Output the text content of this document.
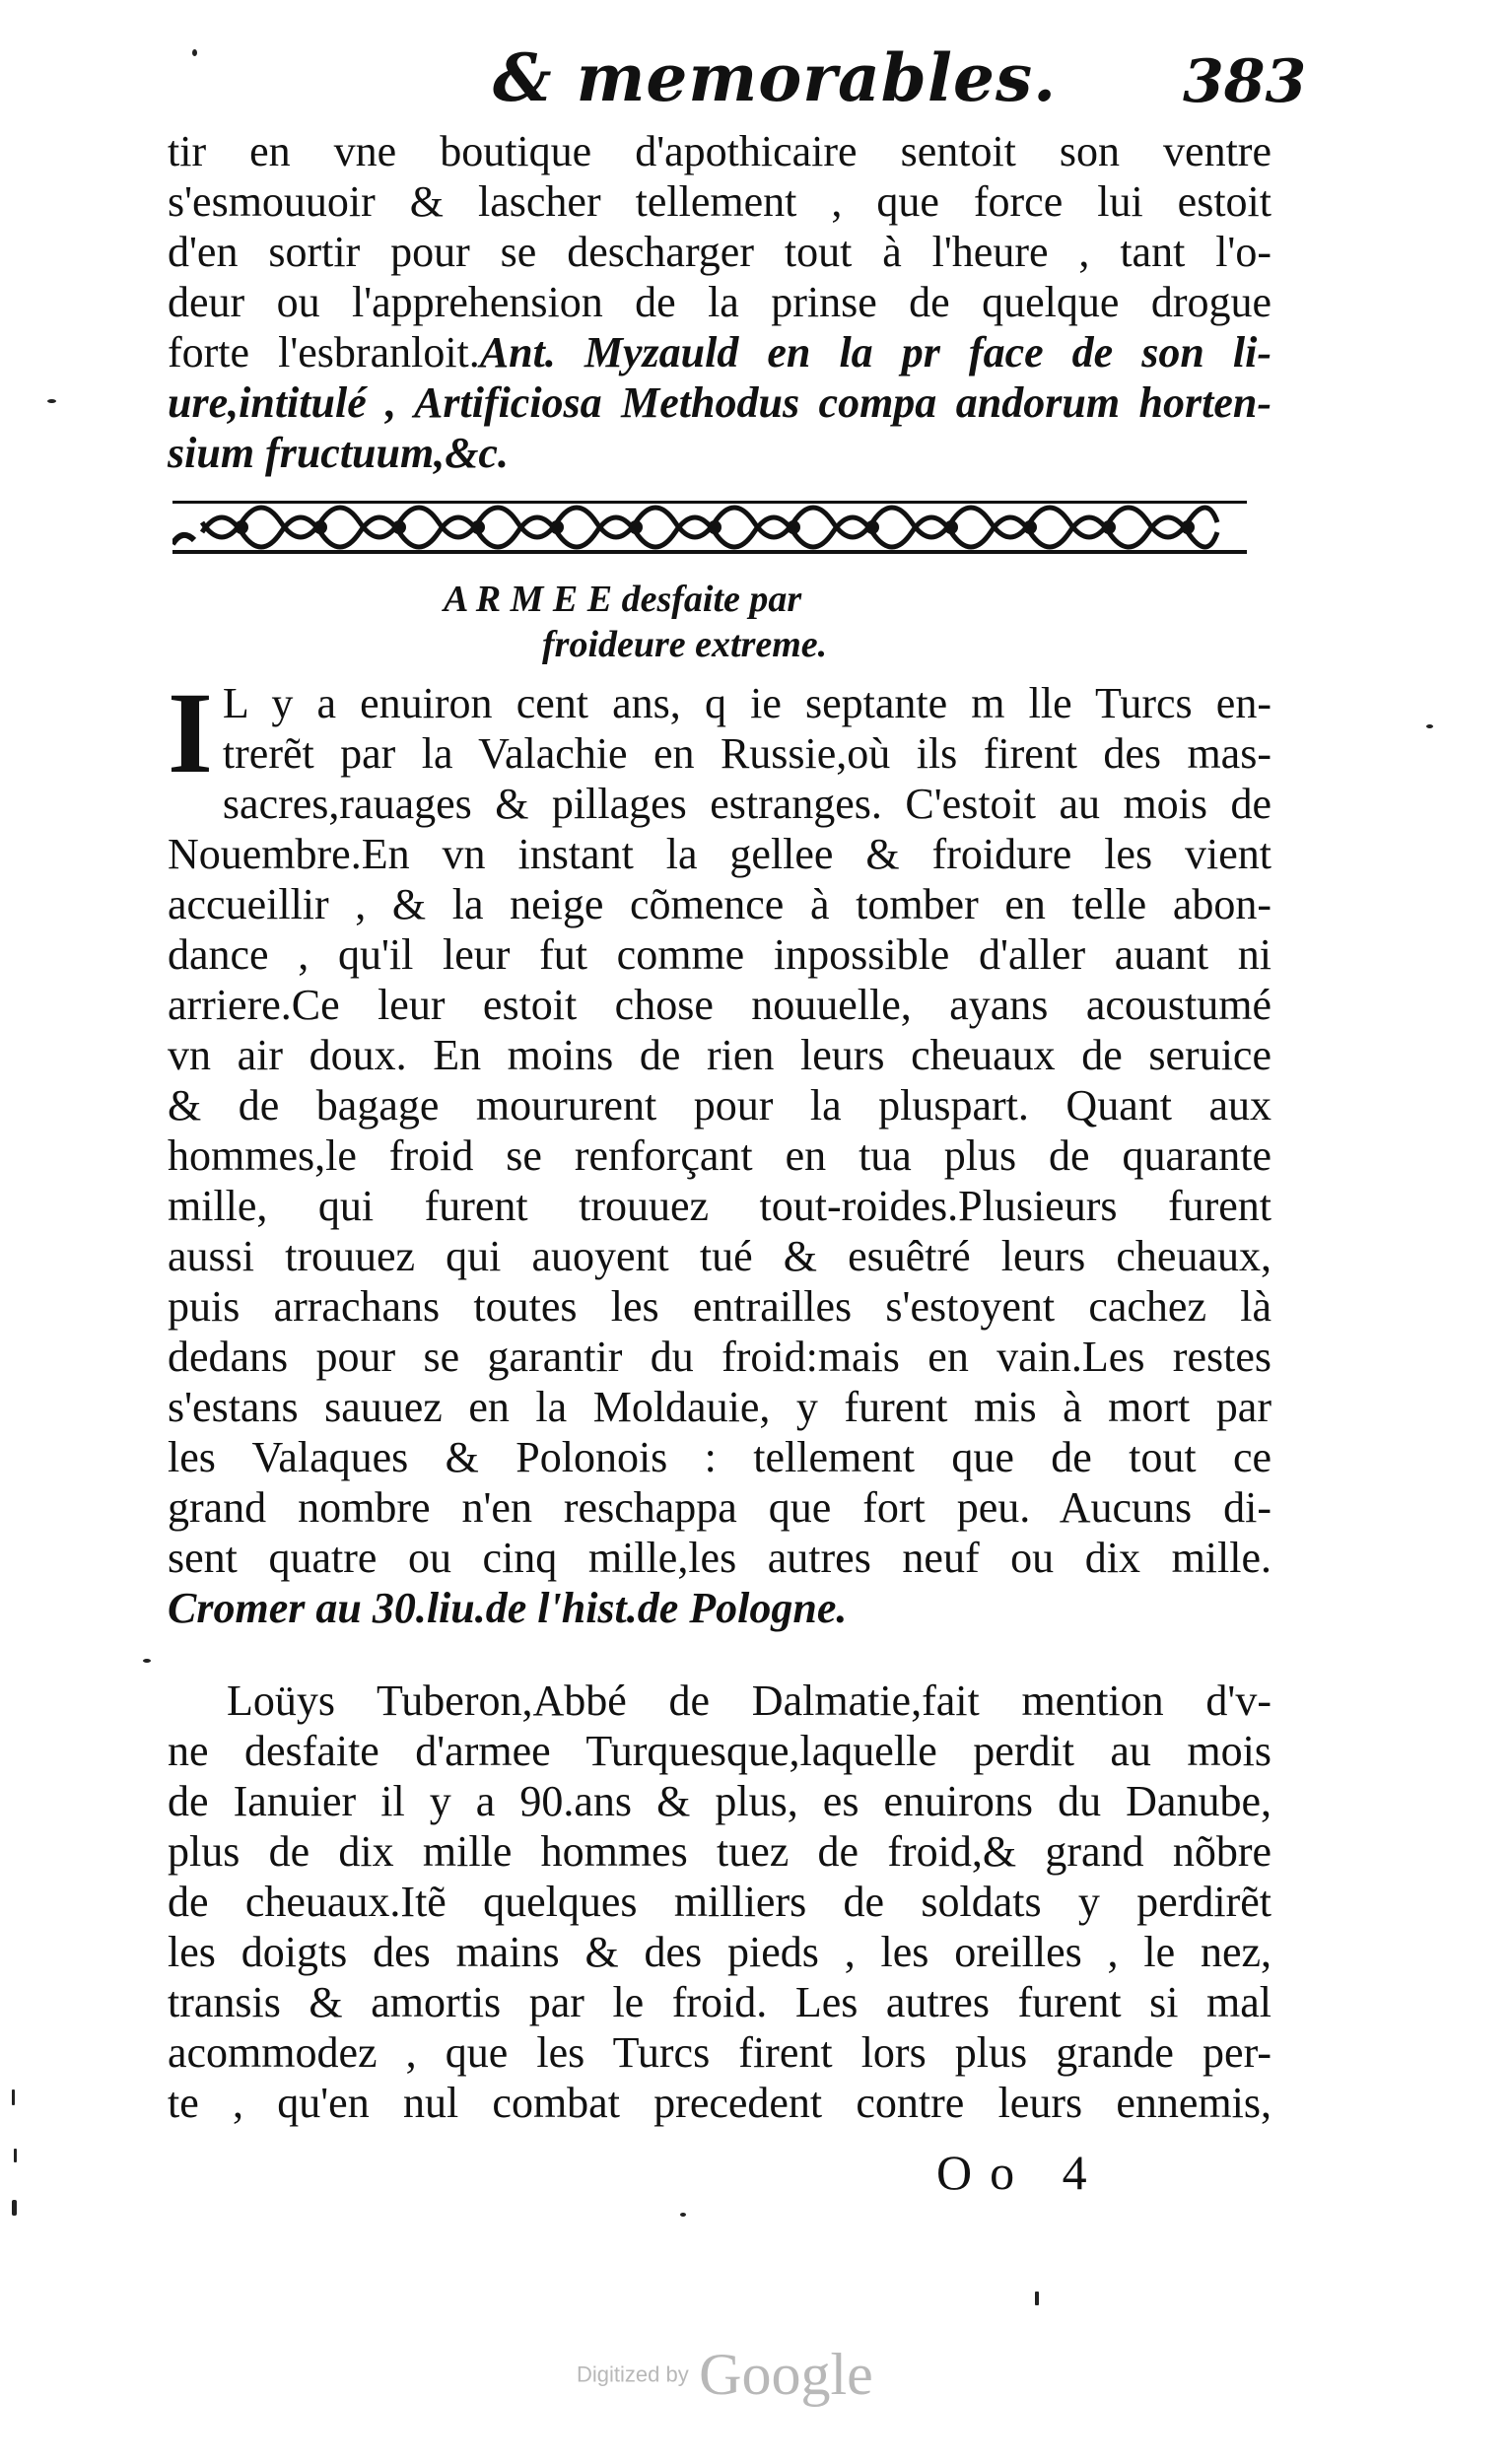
& memorables. 383
tir en vne boutique d'apothicaire sentoit son ventre
s'esmouuoir & lascher tellement , que force lui estoit
d'en sortir pour se descharger tout à l'heure , tant l'o-
deur ou l'apprehension de la prinse de quelque drogue
forte l'esbranloit.Ant. Myzauld en la pr face de son li-
ure,intitulé , Artificiosa Methodus compa andorum horten-
sium fructuum,&c.
A R M E E desfaite par
froideure extreme.
I L y a enuiron cent ans, q ie septante m lle Turcs en-
trerẽt par la Valachie en Russie,où ils firent des mas-
sacres,rauages & pillages estranges. C'estoit au mois de
Nouembre.En vn instant la gellee & froidure les vient
accueillir , & la neige cõmence à tomber en telle abon-
dance , qu'il leur fut comme inpossible d'aller auant ni
arriere.Ce leur estoit chose nouuelle, ayans acoustumé
vn air doux. En moins de rien leurs cheuaux de seruice
& de bagage moururent pour la pluspart. Quant aux
hommes,le froid se renforçant en tua plus de quarante
mille, qui furent trouuez tout-roides.Plusieurs furent
aussi trouuez qui auoyent tué & esuêtré leurs cheuaux,
puis arrachans toutes les entrailles s'estoyent cachez là
dedans pour se garantir du froid:mais en vain.Les restes
s'estans sauuez en la Moldauie, y furent mis à mort par
les Valaques & Polonois : tellement que de tout ce
grand nombre n'en reschappa que fort peu. Aucuns di-
sent quatre ou cinq mille,les autres neuf ou dix mille.
Cromer au 30.liu.de l'hist.de Pologne.
Loüys Tuberon,Abbé de Dalmatie,fait mention d'v-
ne desfaite d'armee Turquesque,laquelle perdit au mois
de Ianuier il y a 90.ans & plus, es enuirons du Danube,
plus de dix mille hommes tuez de froid,& grand nõbre
de cheuaux.Itẽ quelques milliers de soldats y perdirẽt
les doigts des mains & des pieds , les oreilles , le nez,
transis & amortis par le froid. Les autres furent si mal
acommodez , que les Turcs firent lors plus grande per-
te , qu'en nul combat precedent contre leurs ennemis,
Oo 4
Digitized by Google
